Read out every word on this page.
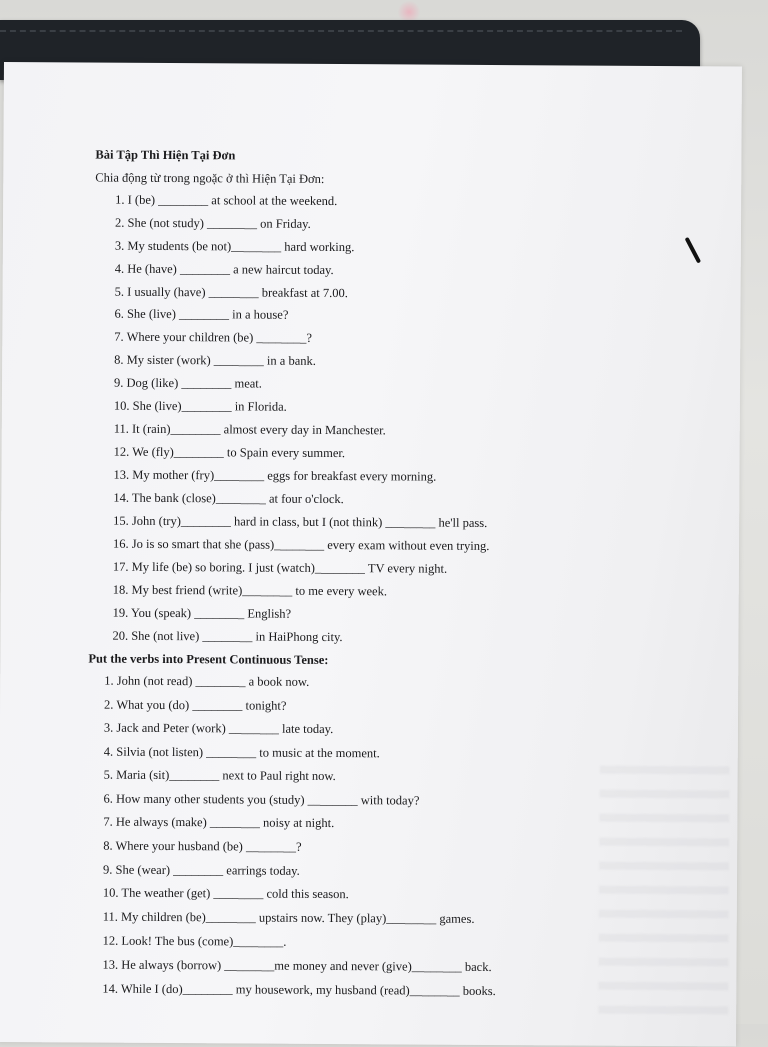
Bài Tập Thì Hiện Tại Đơn
Chia động từ trong ngoặc ở thì Hiện Tại Đơn:
1. I (be) ________ at school at the weekend.
2. She (not study) ________ on Friday.
3. My students (be not)________ hard working.
4. He (have) ________ a new haircut today.
5. I usually (have) ________ breakfast at 7.00.
6. She (live) ________ in a house?
7. Where your children (be) ________?
8. My sister (work) ________ in a bank.
9. Dog (like) ________ meat.
10. She (live)________ in Florida.
11. It (rain)________ almost every day in Manchester.
12. We (fly)________ to Spain every summer.
13. My mother (fry)________ eggs for breakfast every morning.
14. The bank (close)________ at four o'clock.
15. John (try)________ hard in class, but I (not think) ________ he'll pass.
16. Jo is so smart that she (pass)________ every exam without even trying.
17. My life (be) so boring. I just (watch)________ TV every night.
18. My best friend (write)________ to me every week.
19. You (speak) ________ English?
20. She (not live) ________ in HaiPhong city.
Put the verbs into Present Continuous Tense:
1. John (not read) ________ a book now.
2. What you (do) ________ tonight?
3. Jack and Peter (work) ________ late today.
4. Silvia (not listen) ________ to music at the moment.
5. Maria (sit)________ next to Paul right now.
6. How many other students you (study) ________ with today?
7. He always (make) ________ noisy at night.
8. Where your husband (be) ________?
9. She (wear) ________ earrings today.
10. The weather (get) ________ cold this season.
11. My children (be)________ upstairs now. They (play)________ games.
12. Look! The bus (come)________.
13. He always (borrow) ________me money and never (give)________ back.
14. While I (do)________ my housework, my husband (read)________ books.
